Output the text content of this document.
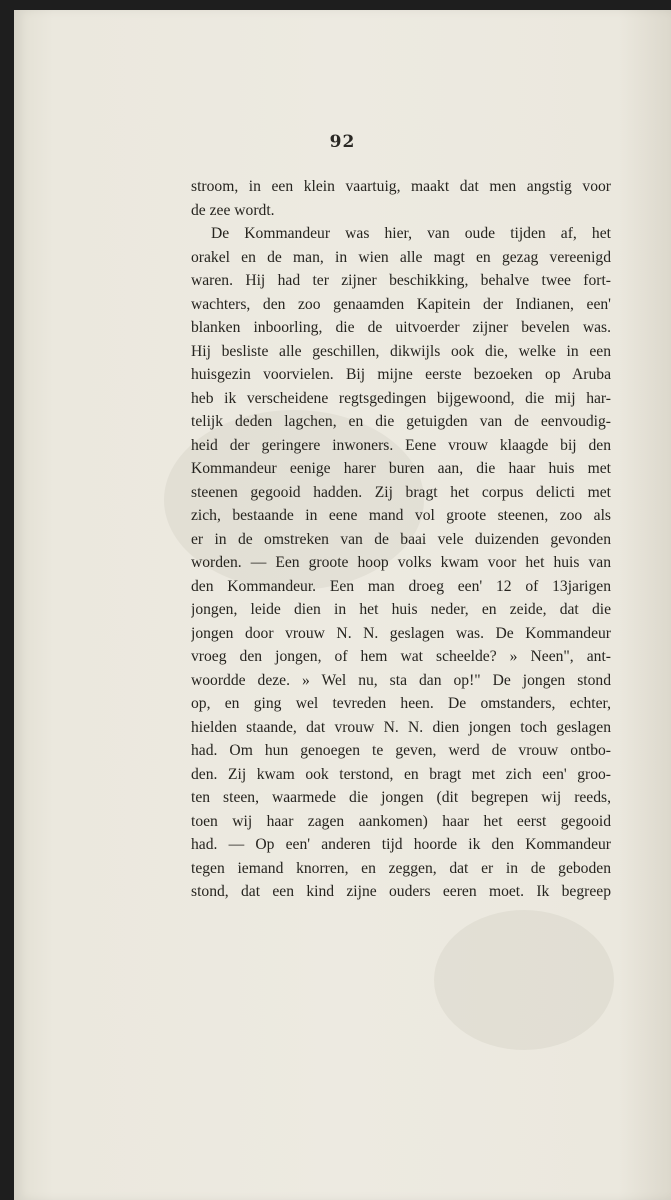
92
stroom, in een klein vaartuig, maakt dat men angstig voor
de zee wordt.
De Kommandeur was hier, van oude tijden af, het
orakel en de man, in wien alle magt en gezag vereenigd
waren. Hij had ter zijner beschikking, behalve twee fort-
wachters, den zoo genaamden Kapitein der Indianen, een'
blanken inboorling, die de uitvoerder zijner bevelen was.
Hij besliste alle geschillen, dikwijls ook die, welke in een
huisgezin voorvielen. Bij mijne eerste bezoeken op Aruba
heb ik verscheidene regtsgedingen bijgewoond, die mij har-
telijk deden lagchen, en die getuigden van de eenvoudig-
heid der geringere inwoners. Eene vrouw klaagde bij den
Kommandeur eenige harer buren aan, die haar huis met
steenen gegooid hadden. Zij bragt het corpus delicti met
zich, bestaande in eene mand vol groote steenen, zoo als
er in de omstreken van de baai vele duizenden gevonden
worden. — Een groote hoop volks kwam voor het huis van
den Kommandeur. Een man droeg een' 12 of 13jarigen
jongen, leide dien in het huis neder, en zeide, dat die
jongen door vrouw N. N. geslagen was. De Kommandeur
vroeg den jongen, of hem wat scheelde? » Neen", ant-
woordde deze. » Wel nu, sta dan op!" De jongen stond
op, en ging wel tevreden heen. De omstanders, echter,
hielden staande, dat vrouw N. N. dien jongen toch geslagen
had. Om hun genoegen te geven, werd de vrouw ontbo-
den. Zij kwam ook terstond, en bragt met zich een' groo-
ten steen, waarmede die jongen (dit begrepen wij reeds,
toen wij haar zagen aankomen) haar het eerst gegooid
had. — Op een' anderen tijd hoorde ik den Kommandeur
tegen iemand knorren, en zeggen, dat er in de geboden
stond, dat een kind zijne ouders eeren moet. Ik begreep
